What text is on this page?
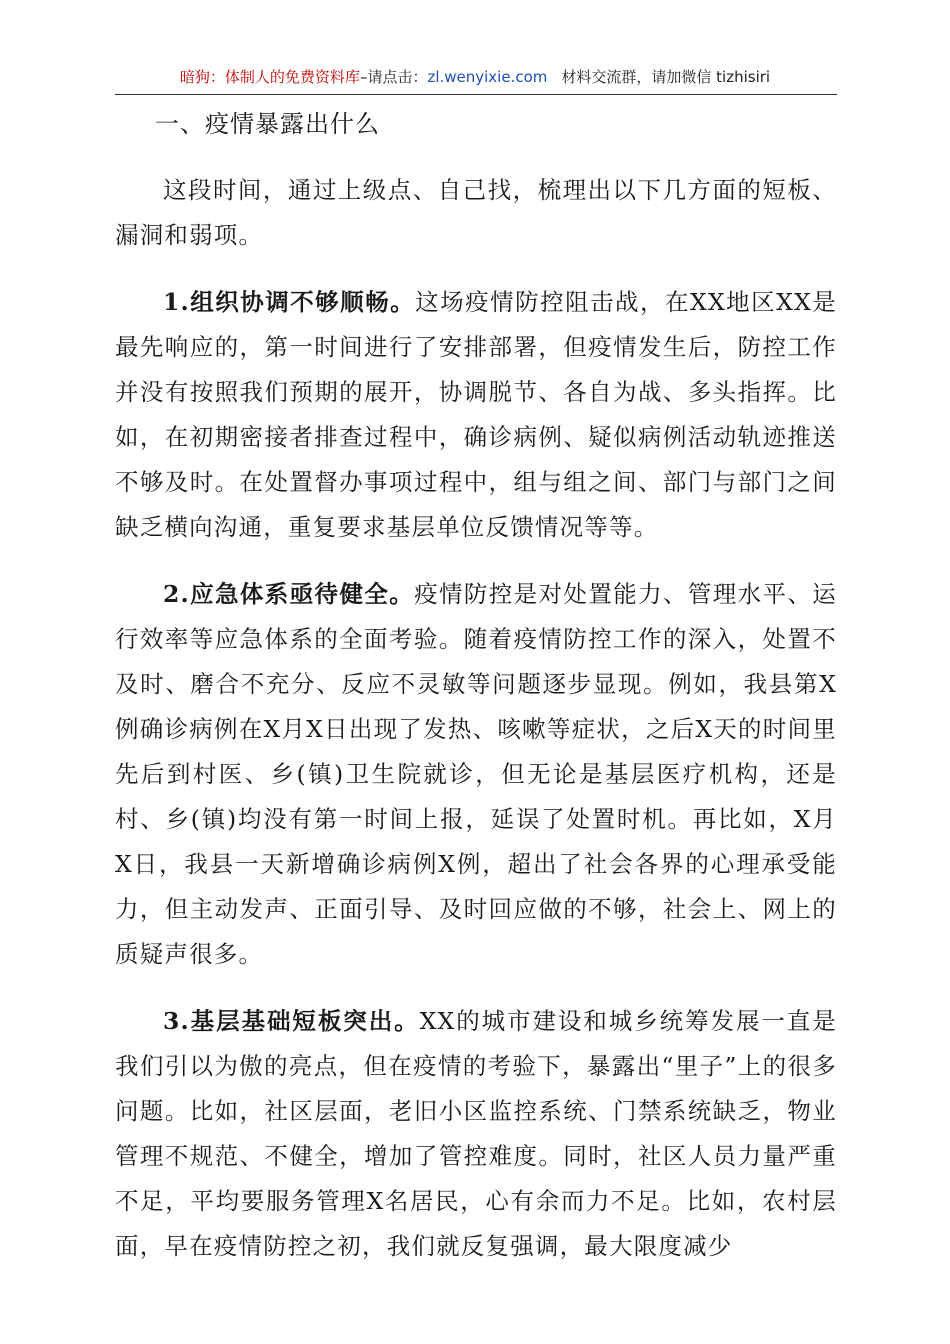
暗狗：体制人的免费资料库–请点击：zl.wenyixie.com 材料交流群，请加微信 tizhisiri
一、疫情暴露出什么

这段时间，通过上级点、自己找，梳理出以下几方面的短板、漏洞和弱项。

1.组织协调不够顺畅。这场疫情防控阻击战，在XX地区XX是最先响应的，第一时间进行了安排部署，但疫情发生后，防控工作并没有按照我们预期的展开，协调脱节、各自为战、多头指挥。比如，在初期密接者排查过程中，确诊病例、疑似病例活动轨迹推送不够及时。在处置督办事项过程中，组与组之间、部门与部门之间缺乏横向沟通，重复要求基层单位反馈情况等等。

2.应急体系亟待健全。疫情防控是对处置能力、管理水平、运行效率等应急体系的全面考验。随着疫情防控工作的深入，处置不及时、磨合不充分、反应不灵敏等问题逐步显现。例如，我县第X例确诊病例在X月X日出现了发热、咳嗽等症状，之后X天的时间里先后到村医、乡(镇)卫生院就诊，但无论是基层医疗机构，还是村、乡(镇)均没有第一时间上报，延误了处置时机。再比如，X月X日，我县一天新增确诊病例X例，超出了社会各界的心理承受能力，但主动发声、正面引导、及时回应做的不够，社会上、网上的质疑声很多。

3.基层基础短板突出。XX的城市建设和城乡统筹发展一直是我们引以为傲的亮点，但在疫情的考验下，暴露出“里子”上的很多问题。比如，社区层面，老旧小区监控系统、门禁系统缺乏，物业管理不规范、不健全，增加了管控难度。同时，社区人员力量严重不足，平均要服务管理X名居民，心有余而力不足。比如，农村层面，早在疫情防控之初，我们就反复强调，最大限度减少
